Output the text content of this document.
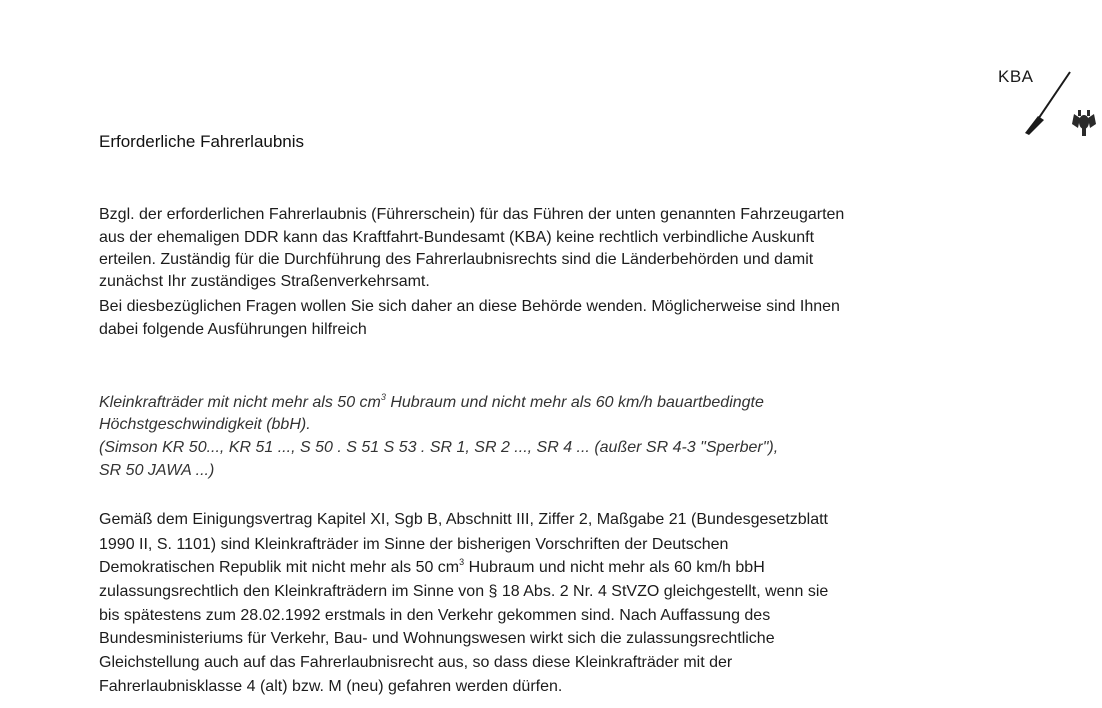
KBA
Erforderliche Fahrerlaubnis
Bzgl. der erforderlichen Fahrerlaubnis (Führerschein) für das Führen der unten genannten Fahrzeugarten
aus der ehemaligen DDR kann das Kraftfahrt-Bundesamt (KBA) keine rechtlich verbindliche Auskunft
erteilen. Zuständig für die Durchführung des Fahrerlaubnisrechts sind die Länderbehörden und damit
zunächst Ihr zuständiges Straßenverkehrsamt.
Bei diesbezüglichen Fragen wollen Sie sich daher an diese Behörde wenden. Möglicherweise sind Ihnen
dabei folgende Ausführungen hilfreich
Kleinkrafträder mit nicht mehr als 50 $cm^3$ Hubraum und nicht mehr als 60 km/h bauartbedingte
Höchstgeschwindigkeit (bbH).
(Simson KR 50..., KR 51 ..., S 50 . S 51 S 53 . SR 1, SR 2 ..., SR 4 ... (außer SR 4-3 "Sperber"),
SR 50 JAWA ...)
Gemäß dem Einigungsvertrag Kapitel XI, Sgb B, Abschnitt III, Ziffer 2, Maßgabe 21 (Bundesgesetzblatt
1990 II, S. 1101) sind Kleinkrafträder im Sinne der bisherigen Vorschriften der Deutschen
Demokratischen Republik mit nicht mehr als 50 $cm^3$ Hubraum und nicht mehr als 60 km/h bbH
zulassungsrechtlich den Kleinkrafträdern im Sinne von § 18 Abs. 2 Nr. 4 StVZO gleichgestellt, wenn sie
bis spätestens zum 28.02.1992 erstmals in den Verkehr gekommen sind. Nach Auffassung des
Bundesministeriums für Verkehr, Bau- und Wohnungswesen wirkt sich die zulassungsrechtliche
Gleichstellung auch auf das Fahrerlaubnisrecht aus, so dass diese Kleinkrafträder mit der
Fahrerlaubnisklasse 4 (alt) bzw. M (neu) gefahren werden dürfen.
